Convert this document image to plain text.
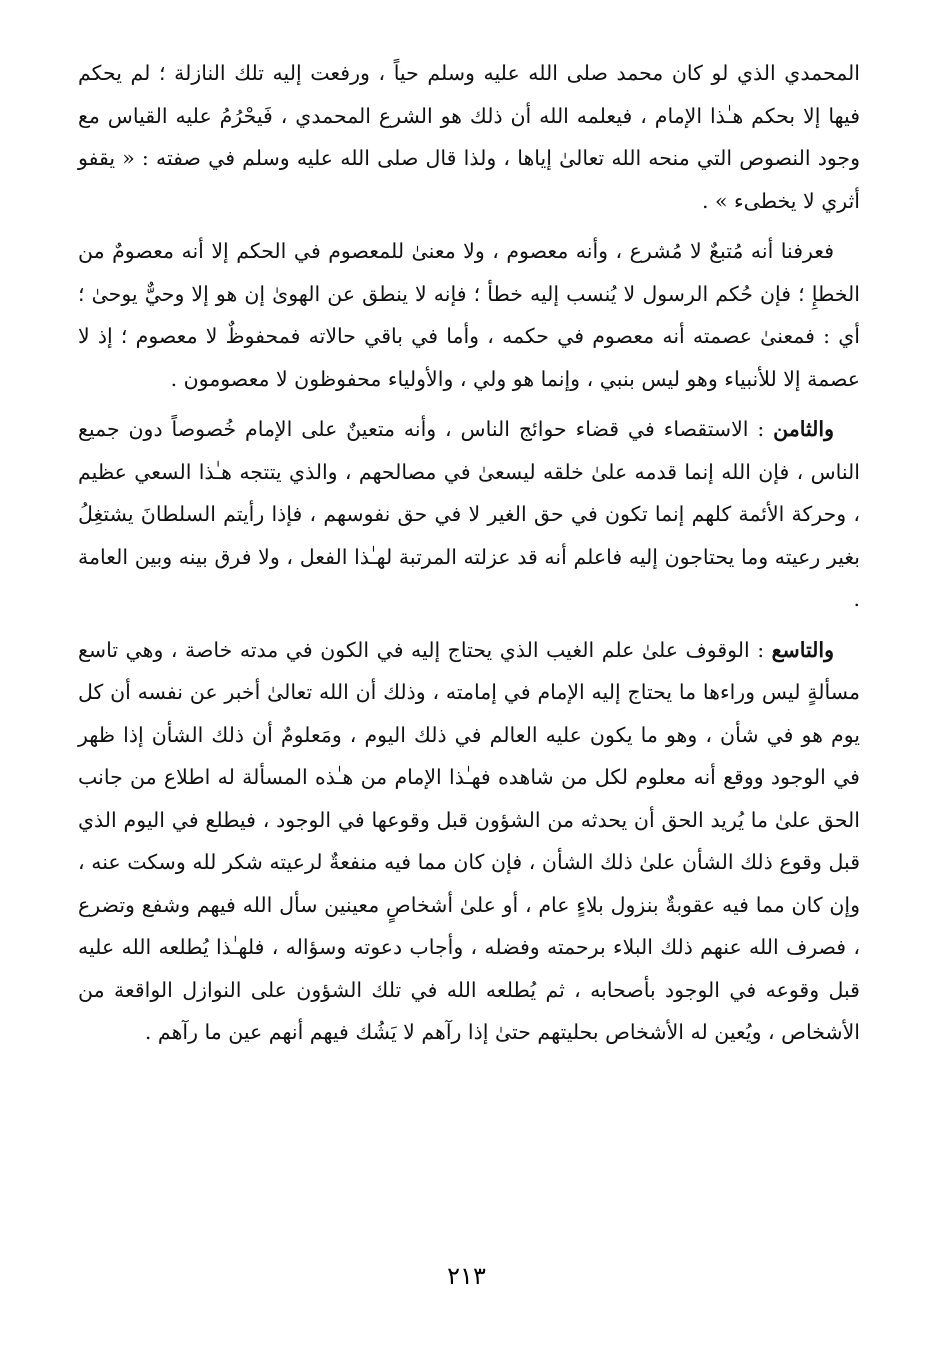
المحمدي الذي لو كان محمد صلى الله عليه وسلم حياً ، ورفعت إليه تلك النازلة ؛ لم يحكم فيها إلا بحكم هـٰذا الإمام ، فيعلمه الله أن ذلك هو الشرع المحمدي ، فَيحْرُمُ عليه القياس مع وجود النصوص التي منحه الله تعالىٰ إياها ، ولذا قال صلى الله عليه وسلم في صفته : « يقفو أثري لا يخطىء » .

فعرفنا أنه مُتبعٌ لا مُشرع ، وأنه معصوم ، ولا معنىٰ للمعصوم في الحكم إلا أنه معصومٌ من الخطإِ ؛ فإن حُكم الرسول لا يُنسب إليه خطأ ؛ فإنه لا ينطق عن الهوىٰ إن هو إلا وحيٌّ يوحىٰ ؛ أي : فمعنىٰ عصمته أنه معصوم في حكمه ، وأما في باقي حالاته فمحفوظٌ لا معصوم ؛ إذ لا عصمة إلا للأنبياء وهو ليس بنبي ، وإنما هو ولي ، والأولياء محفوظون لا معصومون .

والثامن : الاستقصاء في قضاء حوائج الناس ، وأنه متعينٌ على الإمام خُصوصاً دون جميع الناس ، فإن الله إنما قدمه علىٰ خلقه ليسعىٰ في مصالحهم ، والذي يتتجه هـٰذا السعي عظيم ، وحركة الأئمة كلهم إنما تكون في حق الغير لا في حق نفوسهم ، فإذا رأيتم السلطانَ يشتغِلُ بغير رعيته وما يحتاجون إليه فاعلم أنه قد عزلته المرتبة لهـٰذا الفعل ، ولا فرق بينه وبين العامة .

والتاسع : الوقوف علىٰ علم الغيب الذي يحتاج إليه في الكون في مدته خاصة ، وهي تاسع مسألةٍ ليس وراءها ما يحتاج إليه الإمام في إمامته ، وذلك أن الله تعالىٰ أخبر عن نفسه أن كل يوم هو في شأن ، وهو ما يكون عليه العالم في ذلك اليوم ، ومَعلومٌ أن ذلك الشأن إذا ظهر في الوجود ووقع أنه معلوم لكل من شاهده فهـٰذا الإمام من هـٰذه المسألة له اطلاع من جانب الحق علىٰ ما يُريد الحق أن يحدثه من الشؤون قبل وقوعها في الوجود ، فيطلع في اليوم الذي قبل وقوع ذلك الشأن علىٰ ذلك الشأن ، فإن كان مما فيه منفعةٌ لرعيته شكر لله وسكت عنه ، وإن كان مما فيه عقوبةٌ بنزول بلاءٍ عام ، أو علىٰ أشخاصٍ معينين سأل الله فيهم وشفع وتضرع ، فصرف الله عنهم ذلك البلاء برحمته وفضله ، وأجاب دعوته وسؤاله ، فلهـٰذا يُطلعه الله عليه قبل وقوعه في الوجود بأصحابه ، ثم يُطلعه الله في تلك الشؤون على النوازل الواقعة من الأشخاص ، ويُعين له الأشخاص بحليتهم حتىٰ إذا رآهم لا يَشُك فيهم أنهم عين ما رآهم .

٢١٣
